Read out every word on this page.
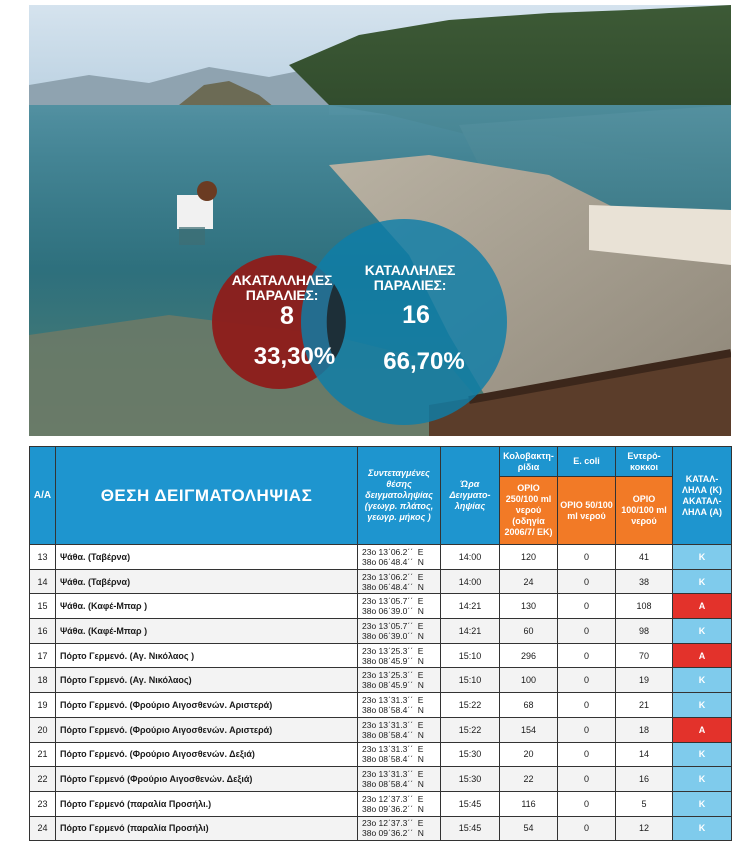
ΑΚΑΤΑΛΛΗΛΕΣ
ΠΑΡΑΛΙΕΣ:
8
33,30%
ΚΑΤΑΛΛΗΛΕΣ
ΠΑΡΑΛΙΕΣ:
16
66,70%
Α/Α	ΘΕΣΗ ΔΕΙΓΜΑΤΟΛΗΨΙΑΣ	Συντεταγμένες θέσης δειγματοληψίας (γεωγρ. πλάτος, γεωγρ. μήκος )	Ώρα Δειγματο- ληψίας	Κολοβακτη- ρίδια	E. coli	Εντερό- κοκκοι	ΚΑΤΑΛ- ΛΗΛΑ (Κ) ΑΚΑΤΑΛ- ΛΗΛΑ (Α)
				ΟΡΙΟ 250/100 ml νερού (οδηγία 2006/7/ ΕΚ)	ΟΡΙΟ 50/100 ml νερού	ΟΡΙΟ 100/100 ml νερού	
13	Ψάθα. (Ταβέρνα)	23ο 13΄06.2΄΄  E
38ο 06΄48.4΄΄  N	14:00	120	0	41	Κ
14	Ψάθα. (Ταβέρνα)	23ο 13΄06.2΄΄  E
38ο 06΄48.4΄΄  N	14:00	24	0	38	Κ
15	Ψάθα. (Καφέ-Μπαρ )	23ο 13΄05.7΄΄  E
38ο 06΄39.0΄΄  N	14:21	130	0	108	Α
16	Ψάθα. (Καφέ-Μπαρ )	23ο 13΄05.7΄΄  E
38ο 06΄39.0΄΄  N	14:21	60	0	98	Κ
17	Πόρτο Γερμενό. (Αγ. Νικόλαος )	23ο 13΄25.3΄΄  E
38ο 08΄45.9΄΄  N	15:10	296	0	70	Α
18	Πόρτο Γερμενό. (Αγ. Νικόλαος)	23ο 13΄25.3΄΄  E
38ο 08΄45.9΄΄  N	15:10	100	0	19	Κ
19	Πόρτο Γερμενό. (Φρούριο Αιγοσθενών. Αριστερά)	23ο 13΄31.3΄΄  E
38ο 08΄58.4΄΄  N	15:22	68	0	21	Κ
20	Πόρτο Γερμενό. (Φρούριο Αιγοσθενών. Αριστερά)	23ο 13΄31.3΄΄  E
38ο 08΄58.4΄΄  N	15:22	154	0	18	Α
21	Πόρτο Γερμενό. (Φρούριο Αιγοσθενών. Δεξιά)	23ο 13΄31.3΄΄  E
38ο 08΄58.4΄΄  N	15:30	20	0	14	Κ
22	Πόρτο Γερμενό (Φρούριο Αιγοσθενών. Δεξιά)	23ο 13΄31.3΄΄  E
38ο 08΄58.4΄΄  N	15:30	22	0	16	Κ
23	Πόρτο Γερμενό (παραλία Προσήλι.)	23ο 12΄37.3΄΄  E
38ο 09΄36.2΄΄  N	15:45	116	0	5	Κ
24	Πόρτο Γερμενό (παραλία Προσήλι)	23ο 12΄37.3΄΄  E
38ο 09΄36.2΄΄  N	15:45	54	0	12	Κ
